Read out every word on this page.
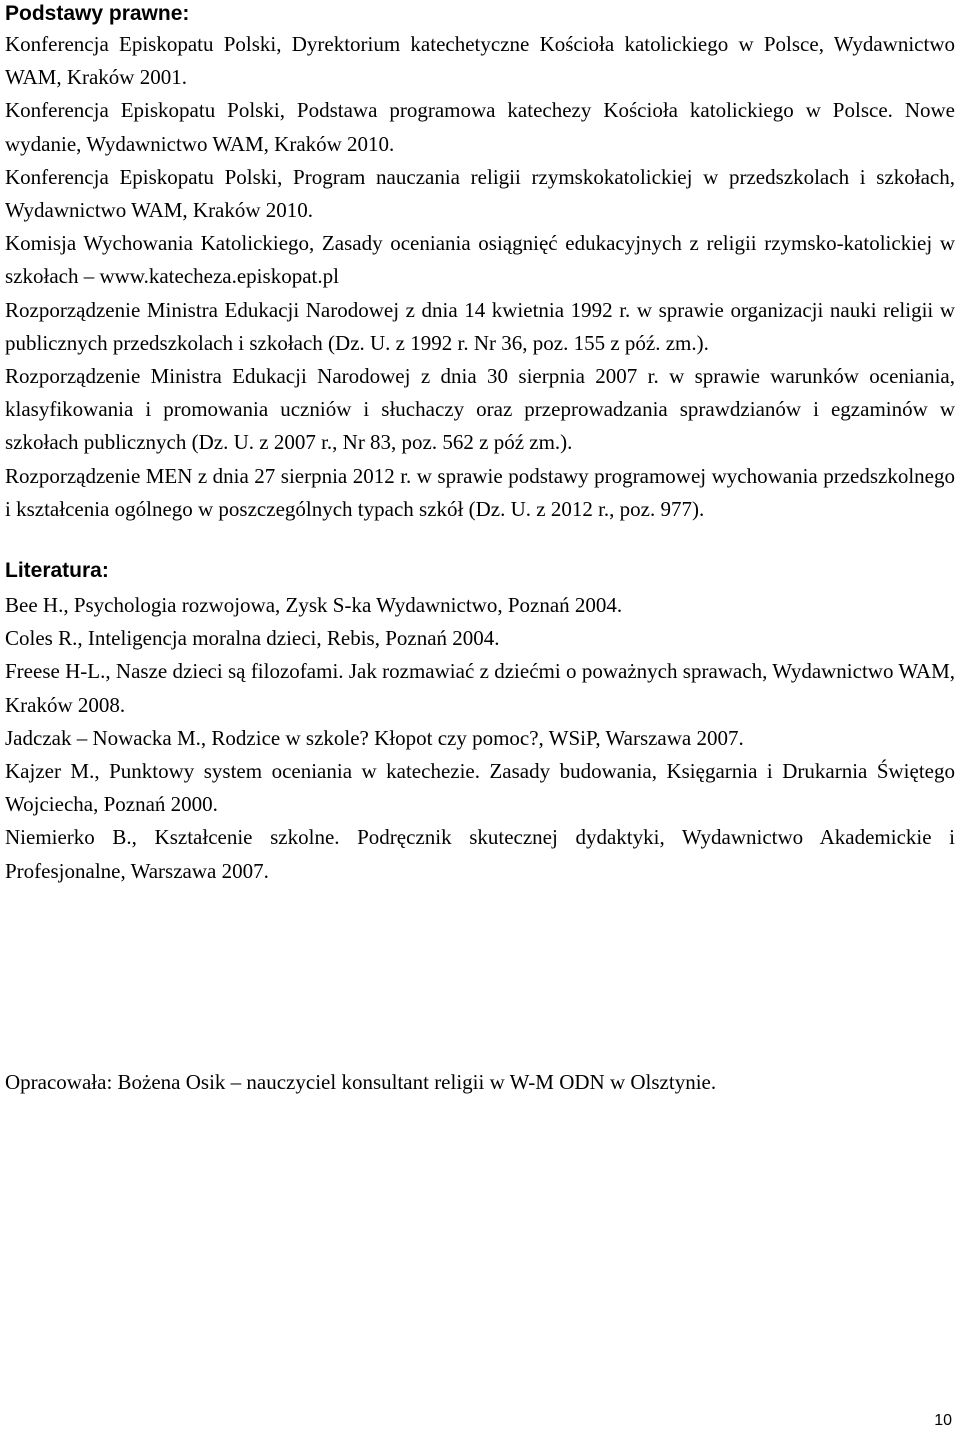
Podstawy prawne:

Konferencja Episkopatu Polski, Dyrektorium katechetyczne Kościoła katolickiego w Polsce, Wydawnictwo WAM, Kraków 2001.

Konferencja Episkopatu Polski, Podstawa programowa katechezy Kościoła katolickiego w Polsce. Nowe wydanie, Wydawnictwo WAM, Kraków 2010.

Konferencja Episkopatu Polski, Program nauczania religii rzymskokatolickiej w przedszkolach i szkołach, Wydawnictwo WAM, Kraków 2010.

Komisja Wychowania Katolickiego, Zasady oceniania osiągnięć edukacyjnych z religii rzymsko-katolickiej w szkołach – www.katecheza.episkopat.pl

Rozporządzenie Ministra Edukacji Narodowej z dnia 14 kwietnia 1992 r. w sprawie organizacji nauki religii w publicznych przedszkolach i szkołach (Dz. U. z 1992 r. Nr 36, poz. 155 z póź. zm.).

Rozporządzenie Ministra Edukacji Narodowej z dnia 30 sierpnia 2007 r. w sprawie warunków oceniania, klasyfikowania i promowania uczniów i słuchaczy oraz przeprowadzania sprawdzianów i egzaminów w szkołach publicznych (Dz. U. z 2007 r., Nr 83, poz. 562 z póź zm.).

Rozporządzenie MEN z dnia 27 sierpnia 2012 r. w sprawie podstawy programowej wychowania przedszkolnego i kształcenia ogólnego w poszczególnych typach szkół (Dz. U. z 2012 r., poz. 977).

Literatura:

Bee H., Psychologia rozwojowa, Zysk S-ka Wydawnictwo, Poznań 2004.

Coles R., Inteligencja moralna dzieci, Rebis, Poznań 2004.

Freese H-L., Nasze dzieci są filozofami. Jak rozmawiać z dziećmi o poważnych sprawach, Wydawnictwo WAM, Kraków 2008.

Jadczak – Nowacka M., Rodzice w szkole? Kłopot czy pomoc?, WSiP, Warszawa 2007.

Kajzer M., Punktowy system oceniania w katechezie. Zasady budowania, Księgarnia i Drukarnia Świętego Wojciecha, Poznań 2000.

Niemierko B., Kształcenie szkolne. Podręcznik skutecznej dydaktyki, Wydawnictwo Akademickie i Profesjonalne, Warszawa 2007.

Opracowała: Bożena Osik – nauczyciel konsultant religii w W-M ODN w Olsztynie.

10
